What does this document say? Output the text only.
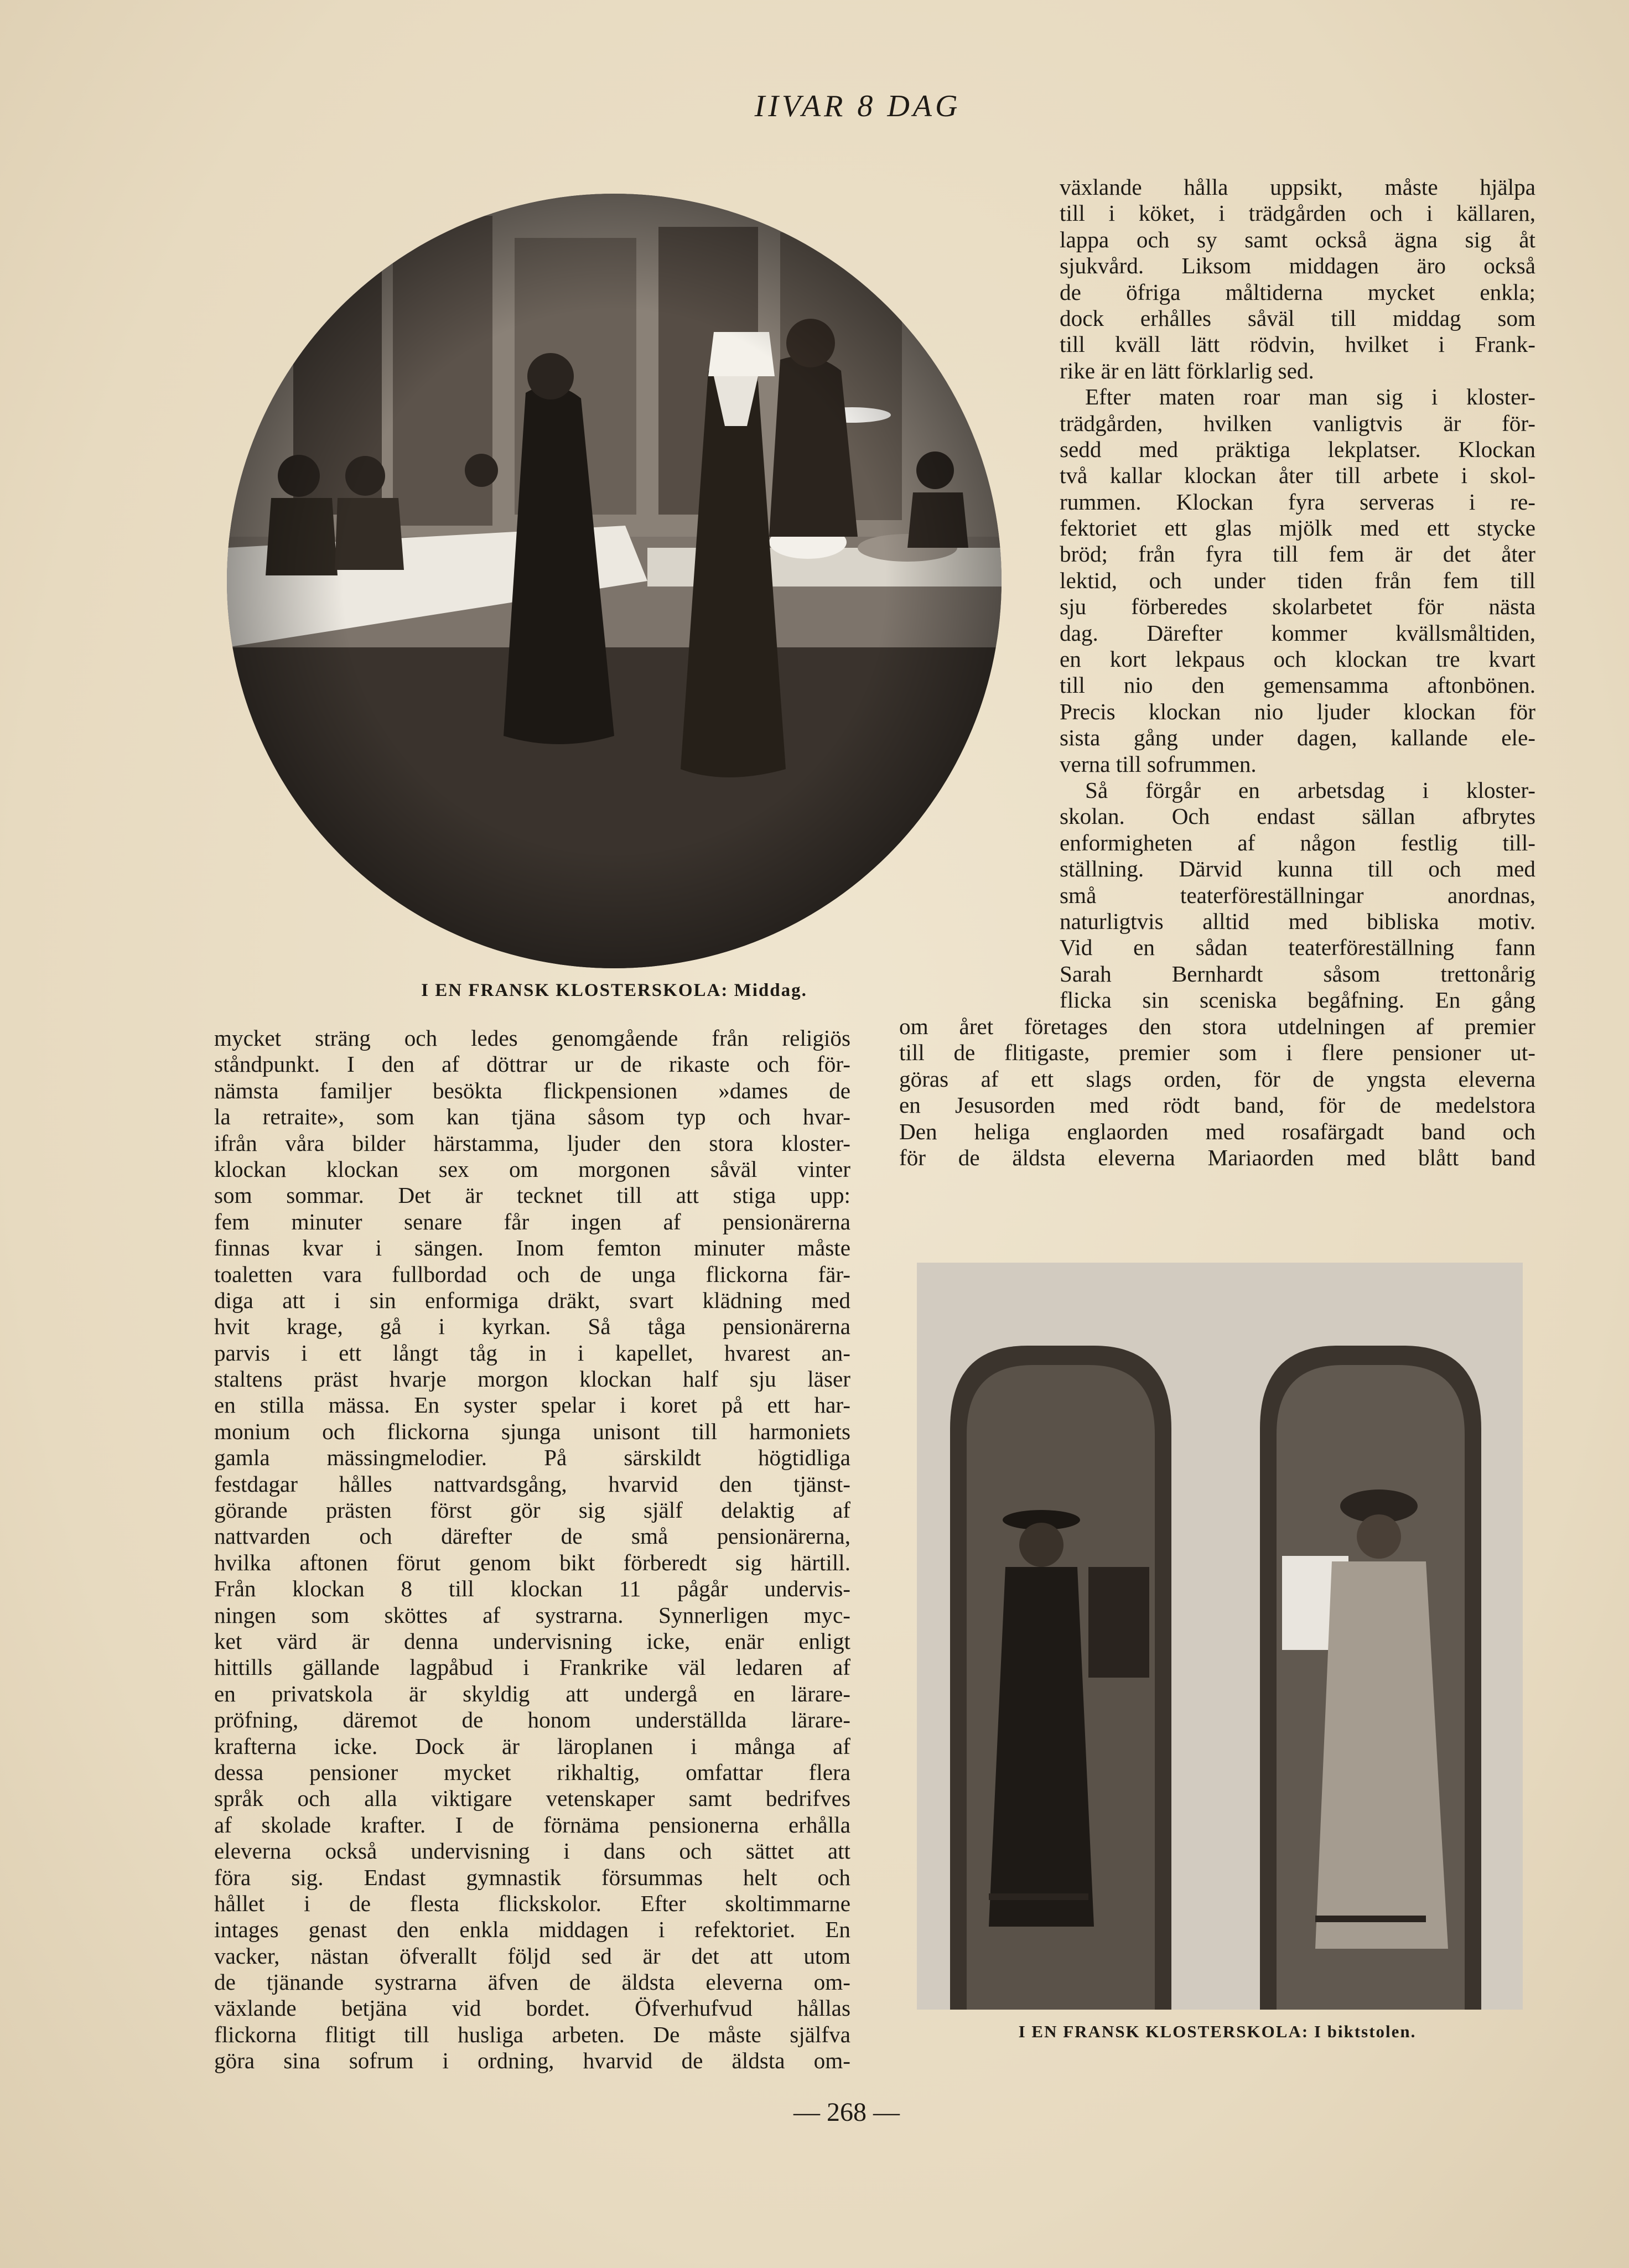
IIVAR 8 DAG
I EN FRANSK KLOSTERSKOLA: Middag.
växlande hålla uppsikt, måste hjälpa
till i köket, i trädgården och i källaren,
lappa och sy samt också ägna sig åt
sjukvård. Liksom middagen äro också
de öfriga måltiderna mycket enkla;
dock erhålles såväl till middag som
till kväll lätt rödvin, hvilket i Frank-
rike är en lätt förklarlig sed.
Efter maten roar man sig i kloster-
trädgården, hvilken vanligtvis är för-
sedd med präktiga lekplatser. Klockan
två kallar klockan åter till arbete i skol-
rummen. Klockan fyra serveras i re-
fektoriet ett glas mjölk med ett stycke
bröd; från fyra till fem är det åter
lektid, och under tiden från fem till
sju förberedes skolarbetet för nästa
dag. Därefter kommer kvällsmåltiden,
en kort lekpaus och klockan tre kvart
till nio den gemensamma aftonbönen.
Precis klockan nio ljuder klockan för
sista gång under dagen, kallande ele-
verna till sofrummen.
Så förgår en arbetsdag i kloster-
skolan. Och endast sällan afbrytes
enformigheten af någon festlig till-
ställning. Därvid kunna till och med
små teaterföreställningar anordnas,
naturligtvis alltid med bibliska motiv.
Vid en sådan teaterföreställning fann
Sarah Bernhardt såsom trettonårig
flicka sin sceniska begåfning. En gång
om året företages den stora utdelningen af premier
till de flitigaste, premier som i flere pensioner ut-
göras af ett slags orden, för de yngsta eleverna
en Jesusorden med rödt band, för de medelstora
Den heliga englaorden med rosafärgadt band och
för de äldsta eleverna Mariaorden med blått band
mycket sträng och ledes genomgående från religiös
ståndpunkt. I den af döttrar ur de rikaste och för-
nämsta familjer besökta flickpensionen »dames de
la retraite», som kan tjäna såsom typ och hvar-
ifrån våra bilder härstamma, ljuder den stora kloster-
klockan klockan sex om morgonen såväl vinter
som sommar. Det är tecknet till att stiga upp:
fem minuter senare får ingen af pensionärerna
finnas kvar i sängen. Inom femton minuter måste
toaletten vara fullbordad och de unga flickorna fär-
diga att i sin enformiga dräkt, svart klädning med
hvit krage, gå i kyrkan. Så tåga pensionärerna
parvis i ett långt tåg in i kapellet, hvarest an-
staltens präst hvarje morgon klockan half sju läser
en stilla mässa. En syster spelar i koret på ett har-
monium och flickorna sjunga unisont till harmoniets
gamla mässingmelodier. På särskildt högtidliga
festdagar hålles nattvardsgång, hvarvid den tjänst-
görande prästen först gör sig själf delaktig af
nattvarden och därefter de små pensionärerna,
hvilka aftonen förut genom bikt förberedt sig härtill.
Från klockan 8 till klockan 11 pågår undervis-
ningen som sköttes af systrarna. Synnerligen myc-
ket värd är denna undervisning icke, enär enligt
hittills gällande lagpåbud i Frankrike väl ledaren af
en privatskola är skyldig att undergå en lärare-
pröfning, däremot de honom underställda lärare-
krafterna icke. Dock är läroplanen i många af
dessa pensioner mycket rikhaltig, omfattar flera
språk och alla viktigare vetenskaper samt bedrifves
af skolade krafter. I de förnäma pensionerna erhålla
eleverna också undervisning i dans och sättet att
föra sig. Endast gymnastik försummas helt och
hållet i de flesta flickskolor. Efter skoltimmarne
intages genast den enkla middagen i refektoriet. En
vacker, nästan öfverallt följd sed är det att utom
de tjänande systrarna äfven de äldsta eleverna om-
växlande betjäna vid bordet. Öfverhufvud hållas
flickorna flitigt till husliga arbeten. De måste själfva
göra sina sofrum i ordning, hvarvid de äldsta om-
I EN FRANSK KLOSTERSKOLA: I biktstolen.
— 268 —
